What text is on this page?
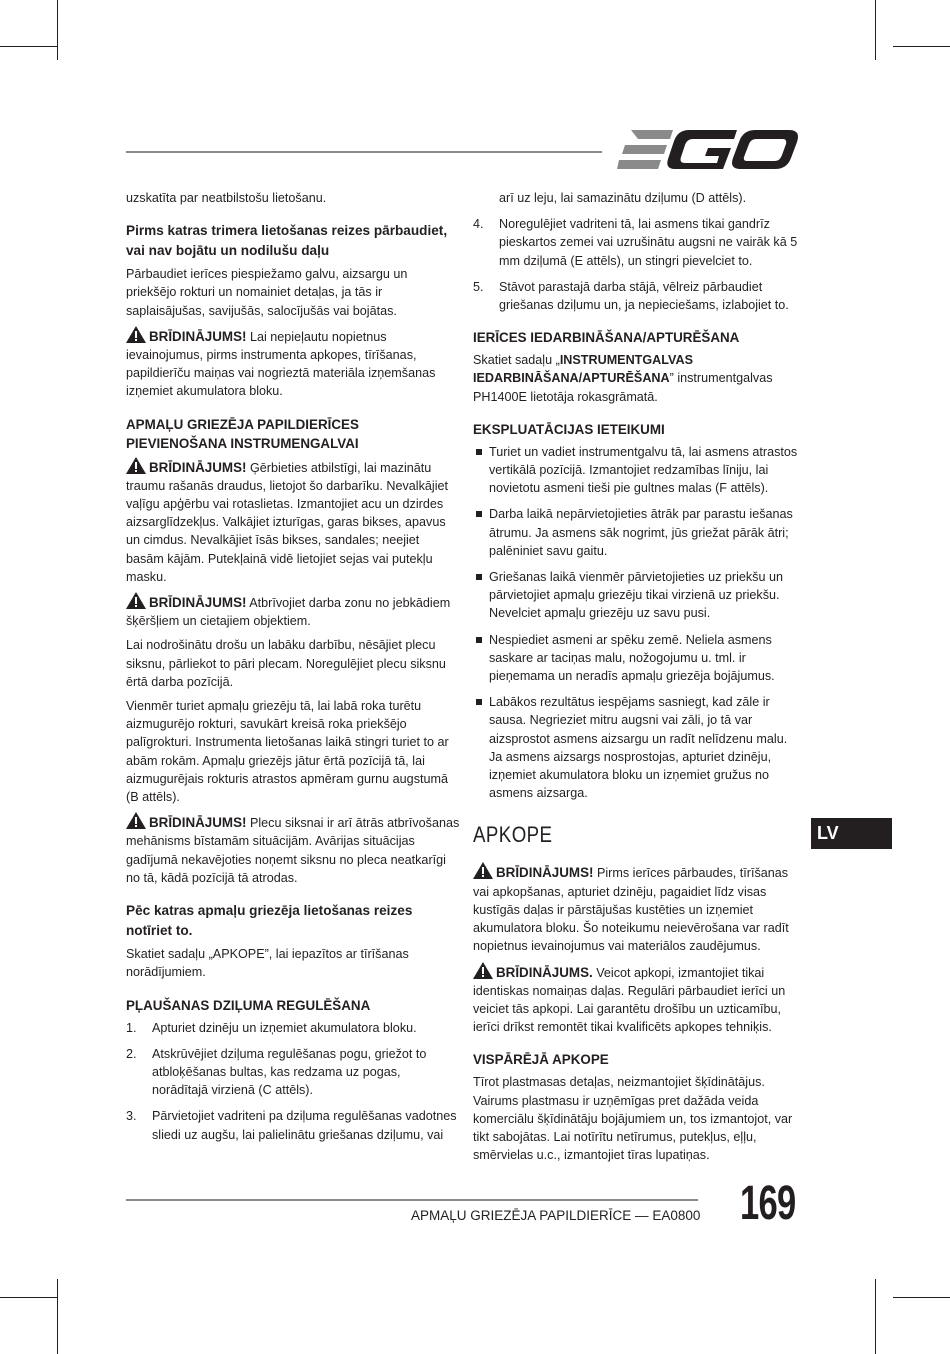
uzskatīta par neatbilstošu lietošanu.

Pirms katras trimera lietošanas reizes pārbaudiet, vai nav bojātu un nodilušu daļu

Pārbaudiet ierīces piespiežamo galvu, aizsargu un priekšējo rokturi un nomainiet detaļas, ja tās ir saplaisājušas, savijušās, salocījušās vai bojātas.

BRĪDINĀJUMS! Lai nepieļautu nopietnus ievainojumus, pirms instrumenta apkopes, tīrīšanas, papildierīču maiņas vai nogrieztā materiāla izņemšanas izņemiet akumulatora bloku.

APMAĻU GRIEZĒJA PAPILDIERĪCES PIEVIENOŠANA INSTRUMENGALVAI

BRĪDINĀJUMS! Ģērbieties atbilstīgi, lai mazinātu traumu rašanās draudus, lietojot šo darbarīku. Nevalkājiet vaļīgu apģērbu vai rotaslietas. Izmantojiet acu un dzirdes aizsarglīdzekļus. Valkājiet izturīgas, garas bikses, apavus un cimdus. Nevalkājiet īsās bikses, sandales; neejiet basām kājām. Putekļainā vidē lietojiet sejas vai putekļu masku.

BRĪDINĀJUMS! Atbrīvojiet darba zonu no jebkādiem šķēršļiem un cietajiem objektiem.

Lai nodrošinātu drošu un labāku darbību, nēsājiet plecu siksnu, pārliekot to pāri plecam. Noregulējiet plecu siksnu ērtā darba pozīcijā.

Vienmēr turiet apmaļu griezēju tā, lai labā roka turētu aizmugurējo rokturi, savukārt kreisā roka priekšējo palīgrokturi. Instrumenta lietošanas laikā stingri turiet to ar abām rokām. Apmaļu griezējs jātur ērtā pozīcijā tā, lai aizmugurējais rokturis atrastos apmēram gurnu augstumā (B attēls).

BRĪDINĀJUMS! Plecu siksnai ir arī ātrās atbrīvošanas mehānisms bīstamām situācijām. Avārijas situācijas gadījumā nekavējoties noņemt siksnu no pleca neatkarīgi no tā, kādā pozīcijā tā atrodas.

Pēc katras apmaļu griezēja lietošanas reizes notīriet to.

Skatiet sadaļu „APKOPE”, lai iepazītos ar tīrīšanas norādījumiem.

PĻAUŠANAS DZIĻUMA REGULĒŠANA
1. Apturiet dzinēju un izņemiet akumulatora bloku.
2. Atskrūvējiet dziļuma regulēšanas pogu, griežot to atbloķēšanas bultas, kas redzama uz pogas, norādītajā virzienā (C attēls).
3. Pārvietojiet vadriteni pa dziļuma regulēšanas vadotnes sliedi uz augšu, lai palielinātu griešanas dziļumu, vai
arī uz leju, lai samazinātu dziļumu (D attēls).
4. Noregulējiet vadriteni tā, lai asmens tikai gandrīz pieskartos zemei vai uzrušinātu augsni ne vairāk kā 5 mm dziļumā (E attēls), un stingri pievelciet to.
5. Stāvot parastajā darba stājā, vēlreiz pārbaudiet griešanas dziļumu un, ja nepieciešams, izlabojiet to.
IERĪCES IEDARBINĀŠANA/APTURĒŠANA

Skatiet sadaļu „INSTRUMENTGALVAS IEDARBINĀŠANA/APTURĒŠANA” instrumentgalvas PH1400E lietotāja rokasgrāmatā.

EKSPLUATĀCIJAS IETEIKUMI
Turiet un vadiet instrumentgalvu tā, lai asmens atrastos vertikālā pozīcijā. Izmantojiet redzamības līniju, lai novietotu asmeni tieši pie gultnes malas (F attēls).
Darba laikā nepārvietojieties ātrāk par parastu iešanas ātrumu. Ja asmens sāk nogrimt, jūs griežat pārāk ātri; palēniniet savu gaitu.
Griešanas laikā vienmēr pārvietojieties uz priekšu un pārvietojiet apmaļu griezēju tikai virzienā uz priekšu. Nevelciet apmaļu griezēju uz savu pusi.
Nespiediet asmeni ar spēku zemē. Neliela asmens saskare ar taciņas malu, nožogojumu u. tml. ir pieņemama un neradīs apmaļu griezēja bojājumus.
Labākos rezultātus iespējams sasniegt, kad zāle ir sausa. Negrieziet mitru augsni vai zāli, jo tā var aizsprostot asmens aizsargu un radīt nelīdzenu malu. Ja asmens aizsargs nosprostojas, apturiet dzinēju, izņemiet akumulatora bloku un izņemiet gružus no asmens aizsarga.
APKOPE

BRĪDINĀJUMS! Pirms ierīces pārbaudes, tīrīšanas vai apkopšanas, apturiet dzinēju, pagaidiet līdz visas kustīgās daļas ir pārstājušas kustēties un izņemiet akumulatora bloku. Šo noteikumu neievērošana var radīt nopietnus ievainojumus vai materiālos zaudējumus.

BRĪDINĀJUMS. Veicot apkopi, izmantojiet tikai identiskas nomaiņas daļas. Regulāri pārbaudiet ierīci un veiciet tās apkopi. Lai garantētu drošību un uzticamību, ierīci drīkst remontēt tikai kvalificēts apkopes tehniķis.

VISPĀRĒJĀ APKOPE

Tīrot plastmasas detaļas, neizmantojiet šķīdinātājus. Vairums plastmasu ir uzņēmīgas pret dažāda veida komerciālu šķīdinātāju bojājumiem un, tos izmantojot, var tikt sabojātas. Lai notīrītu netīrumus, putekļus, eļļu, smērvielas u.c., izmantojiet tīras lupatiņas.

LV
APMAĻU GRIEZĒJA PAPILDIERĪCE — EA0800 169
